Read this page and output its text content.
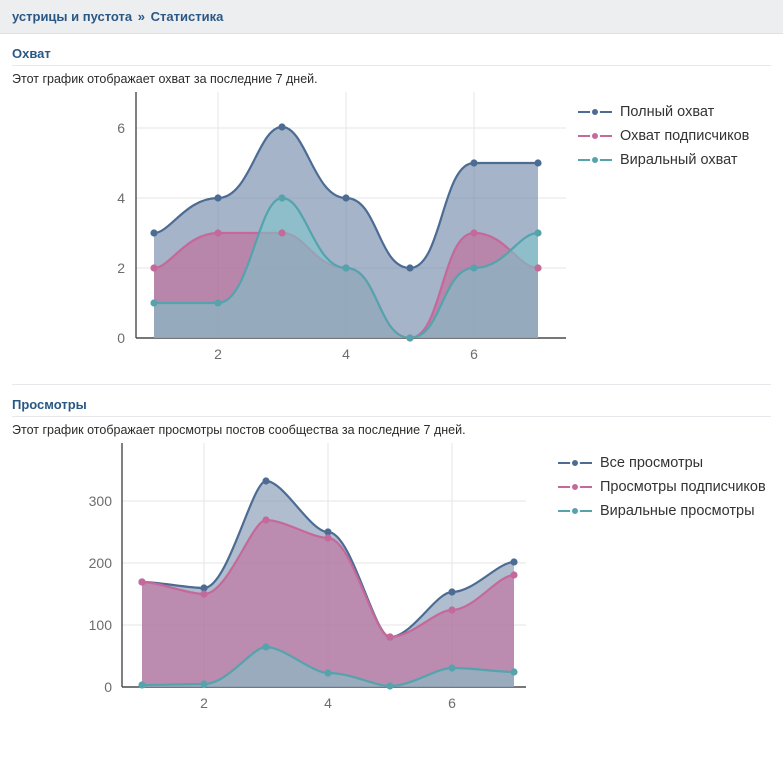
устрицы и пустота » Статистика
Охват
Этот график отображает охват за последние 7 дней.
0
2
4
6
2	4	6
Полный охват
Охват подписчиков
Виральный охват
Просмотры
Этот график отображает просмотры постов сообщества за последние 7 дней.
0
100
200
300
2	4	6
Все просмотры
Просмотры подписчиков
Виральные просмотры
